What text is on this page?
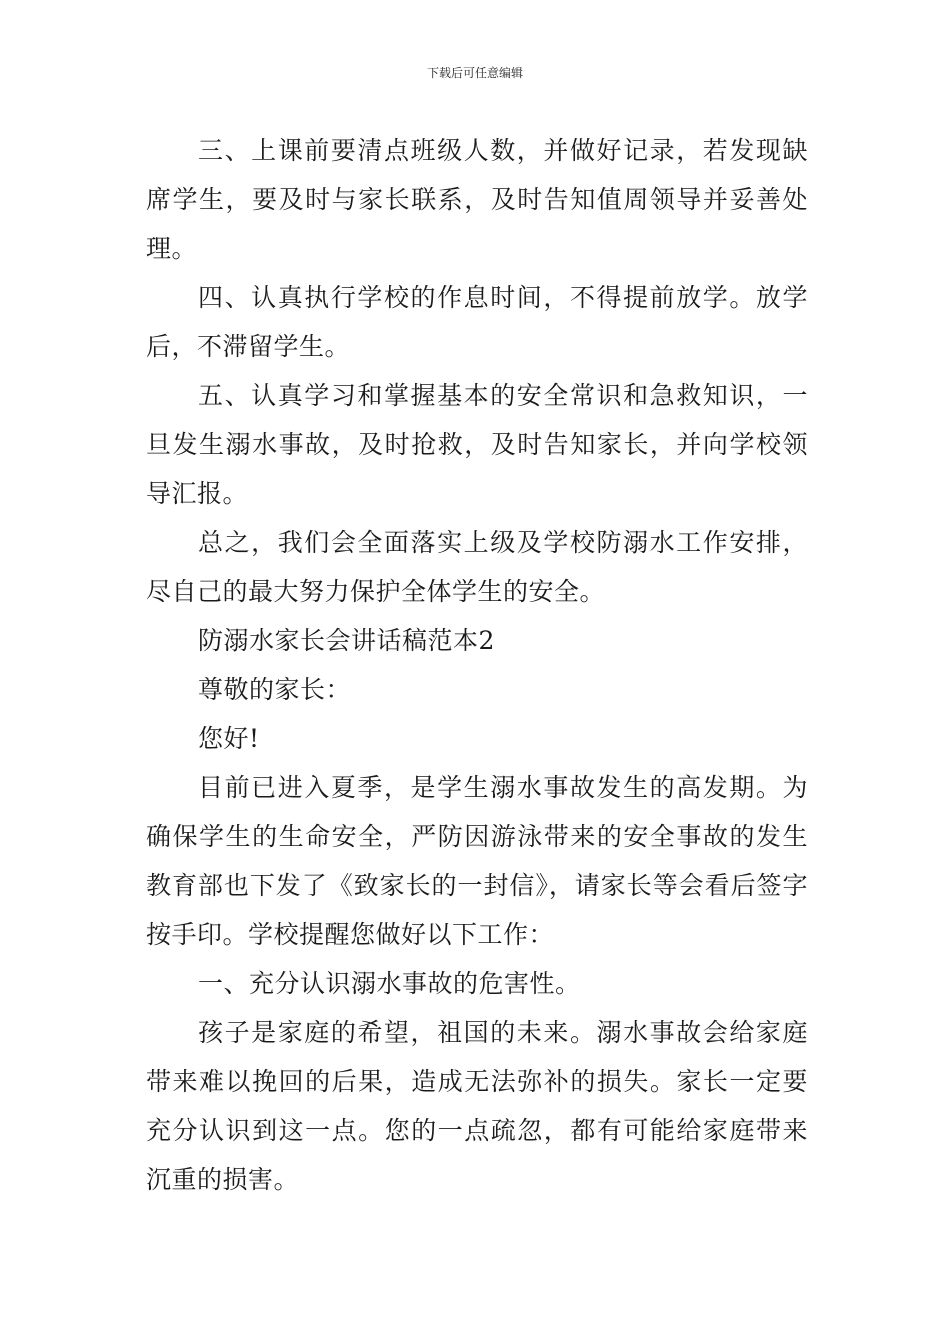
下载后可任意编辑

三、上课前要清点班级人数，并做好记录，若发现缺席学生，要及时与家长联系，及时告知值周领导并妥善处理。

四、认真执行学校的作息时间，不得提前放学。放学后，不滞留学生。

五、认真学习和掌握基本的安全常识和急救知识，一旦发生溺水事故，及时抢救，及时告知家长，并向学校领导汇报。

总之，我们会全面落实上级及学校防溺水工作安排，尽自己的最大努力保护全体学生的安全。

防溺水家长会讲话稿范本2

尊敬的家长：

您好!

目前已进入夏季，是学生溺水事故发生的高发期。为确保学生的生命安全，严防因游泳带来的安全事故的发生教育部也下发了《致家长的一封信》，请家长等会看后签字按手印。学校提醒您做好以下工作：

一、充分认识溺水事故的危害性。

孩子是家庭的希望，祖国的未来。溺水事故会给家庭带来难以挽回的后果，造成无法弥补的损失。家长一定要充分认识到这一点。您的一点疏忽，都有可能给家庭带来沉重的损害。
